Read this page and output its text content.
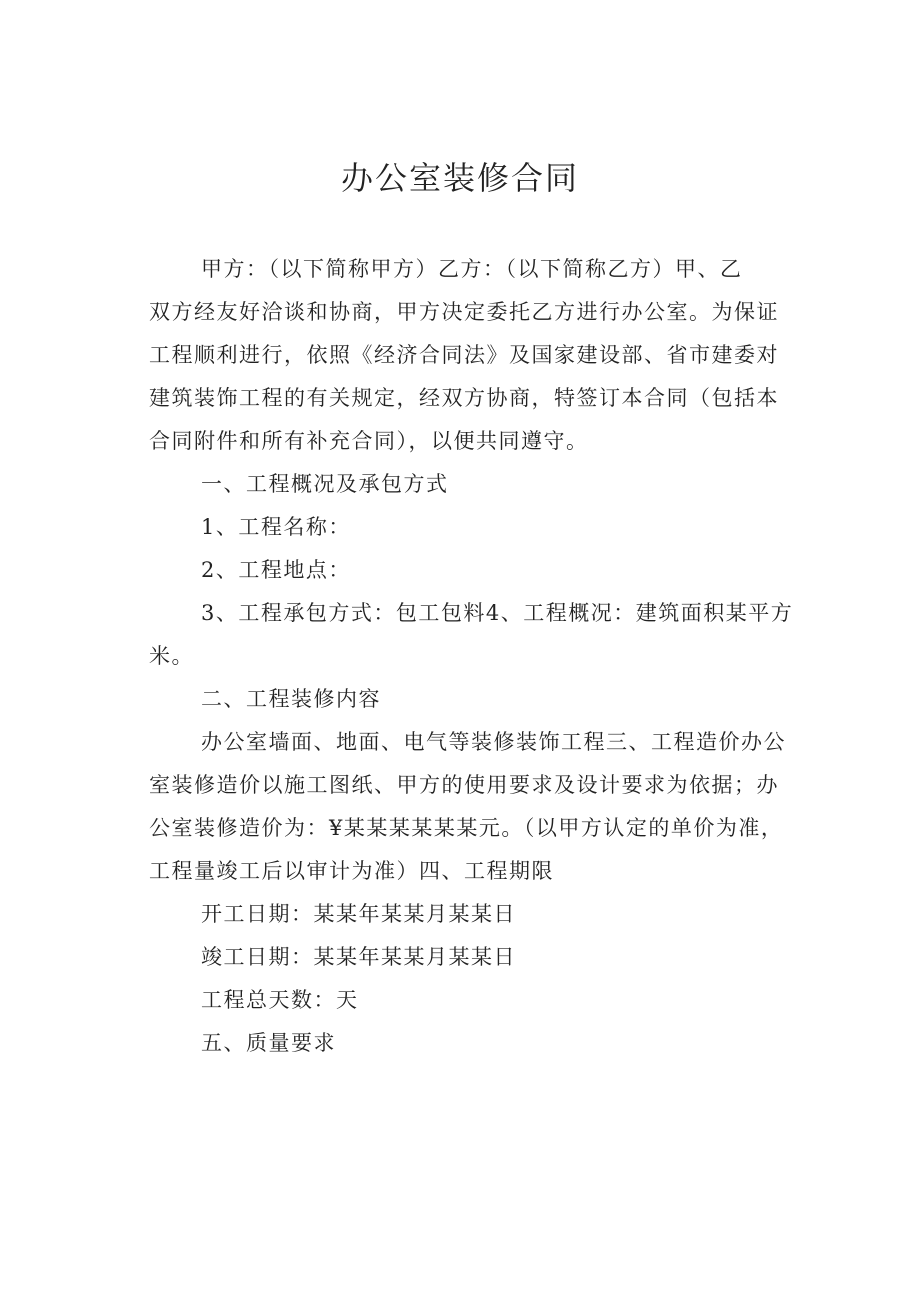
办公室装修合同
甲方：（以下简称甲方）乙方：（以下简称乙方）甲、乙
双方经友好洽谈和协商，甲方决定委托乙方进行办公室。为保证
工程顺利进行，依照《经济合同法》及国家建设部、省市建委对
建筑装饰工程的有关规定，经双方协商，特签订本合同（包括本
合同附件和所有补充合同），以便共同遵守。
一、工程概况及承包方式
1、工程名称：
2、工程地点：
3、工程承包方式：包工包料4、工程概况：建筑面积某平方
米。
二、工程装修内容
办公室墙面、地面、电气等装修装饰工程三、工程造价办公
室装修造价以施工图纸、甲方的使用要求及设计要求为依据；办
公室装修造价为：¥某某某某某某元。（以甲方认定的单价为准，
工程量竣工后以审计为准）四、工程期限
开工日期：某某年某某月某某日
竣工日期：某某年某某月某某日
工程总天数：天
五、质量要求
